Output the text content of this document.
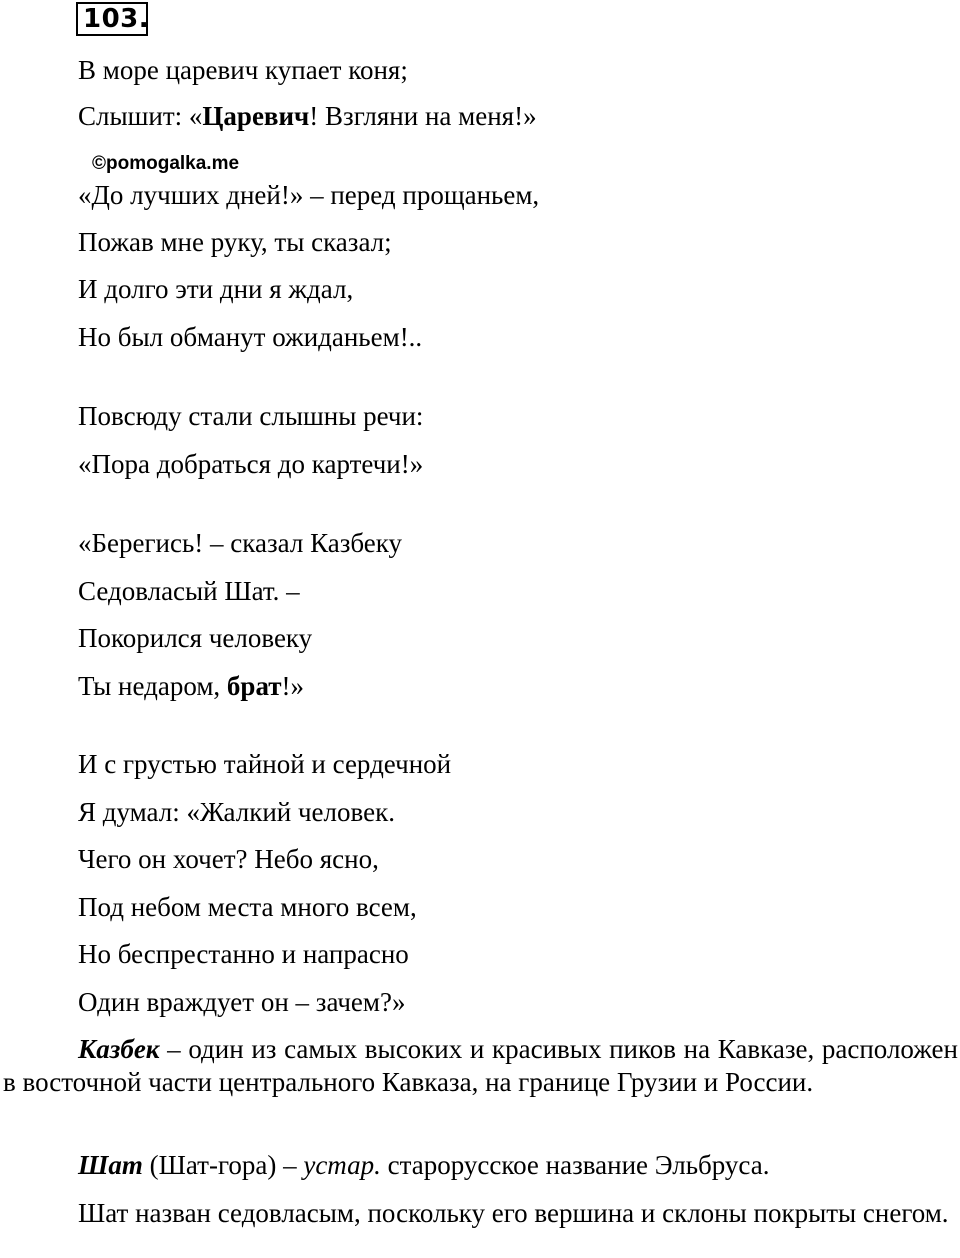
103.
В море царевич купает коня;
Слышит: «Царевич! Взгляни на меня!»
©pomogalka.me
«До лучших дней!» – перед прощаньем,
Пожав мне руку, ты сказал;
И долго эти дни я ждал,
Но был обманут ожиданьем!..
Повсюду стали слышны речи:
«Пора добраться до картечи!»
«Берегись! – сказал Казбеку
Седовласый Шат. –
Покорился человеку
Ты недаром, брат!»
И с грустью тайной и сердечной
Я думал: «Жалкий человек.
Чего он хочет? Небо ясно,
Под небом места много всем,
Но беспрестанно и напрасно
Один враждует он – зачем?»
Казбек – один из самых высоких и красивых пиков на Кавказе, расположен в восточной части центрального Кавказа, на границе Грузии и России.
Шат (Шат-гора) – устар. старорусское название Эльбруса.
Шат назван седовласым, поскольку его вершина и склоны покрыты снегом.
